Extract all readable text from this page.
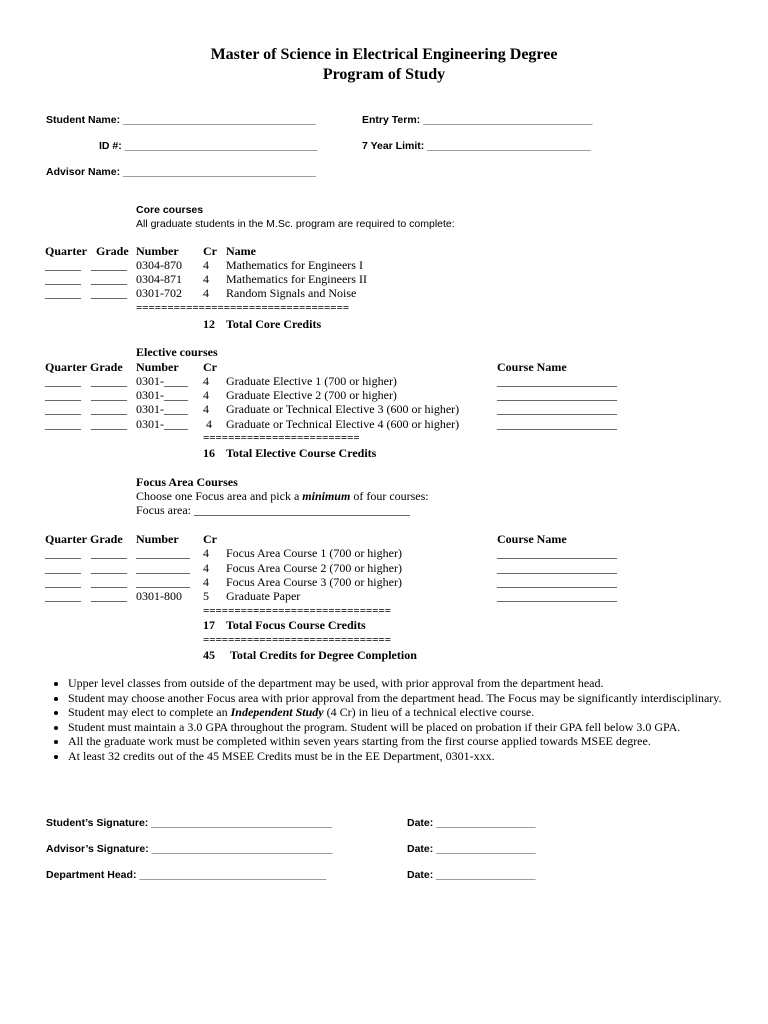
Master of Science in Electrical Engineering Degree
Program of Study
Student Name: _________________________________	Entry Term: _____________________________
ID #: _________________________________	7 Year Limit: ____________________________
Advisor Name: _________________________________
Core courses
All graduate students in the M.Sc. program are required to complete:
Quarter Grade Number Cr Name
______ ______ 0304-870 4 Mathematics for Engineers I
______ ______ 0304-871 4 Mathematics for Engineers II
______ ______ 0301-702 4 Random Signals and Noise
==================================
12 Total Core Credits
Elective courses
Quarter Grade Number Cr	Course Name
______ ______ 0301-____ 4 Graduate Elective 1 (700 or higher)	____________________
______ ______ 0301-____ 4 Graduate Elective 2 (700 or higher)	____________________
______ ______ 0301-____ 4 Graduate or Technical Elective 3 (600 or higher)	____________________
______ ______ 0301-____ 4 Graduate or Technical Elective 4 (600 or higher)	____________________
=========================
16 Total Elective Course Credits
Focus Area Courses
Choose one Focus area and pick a minimum of four courses:
Focus area: ____________________________________
Quarter Grade Number Cr	Course Name
______ ______ _________ 4 Focus Area Course 1 (700 or higher)	____________________
______ ______ _________ 4 Focus Area Course 2 (700 or higher)	____________________
______ ______ _________ 4 Focus Area Course 3 (700 or higher)	____________________
______ ______ 0301-800 5 Graduate Paper	____________________
==============================
17 Total Focus Course Credits
==============================
45 Total Credits for Degree Completion
• Upper level classes from outside of the department may be used, with prior approval from the department head.
• Student may choose another Focus area with prior approval from the department head. The Focus may be significantly interdisciplinary.
• Student may elect to complete an Independent Study (4 Cr) in lieu of a technical elective course.
• Student must maintain a 3.0 GPA throughout the program. Student will be placed on probation if their GPA fell below 3.0 GPA.
• All the graduate work must be completed within seven years starting from the first course applied towards MSEE degree.
• At least 32 credits out of the 45 MSEE Credits must be in the EE Department, 0301-xxx.
Student’s Signature: _______________________________	Date: _________________
Advisor’s Signature: _______________________________	Date: _________________
Department Head: ________________________________	Date: _________________
